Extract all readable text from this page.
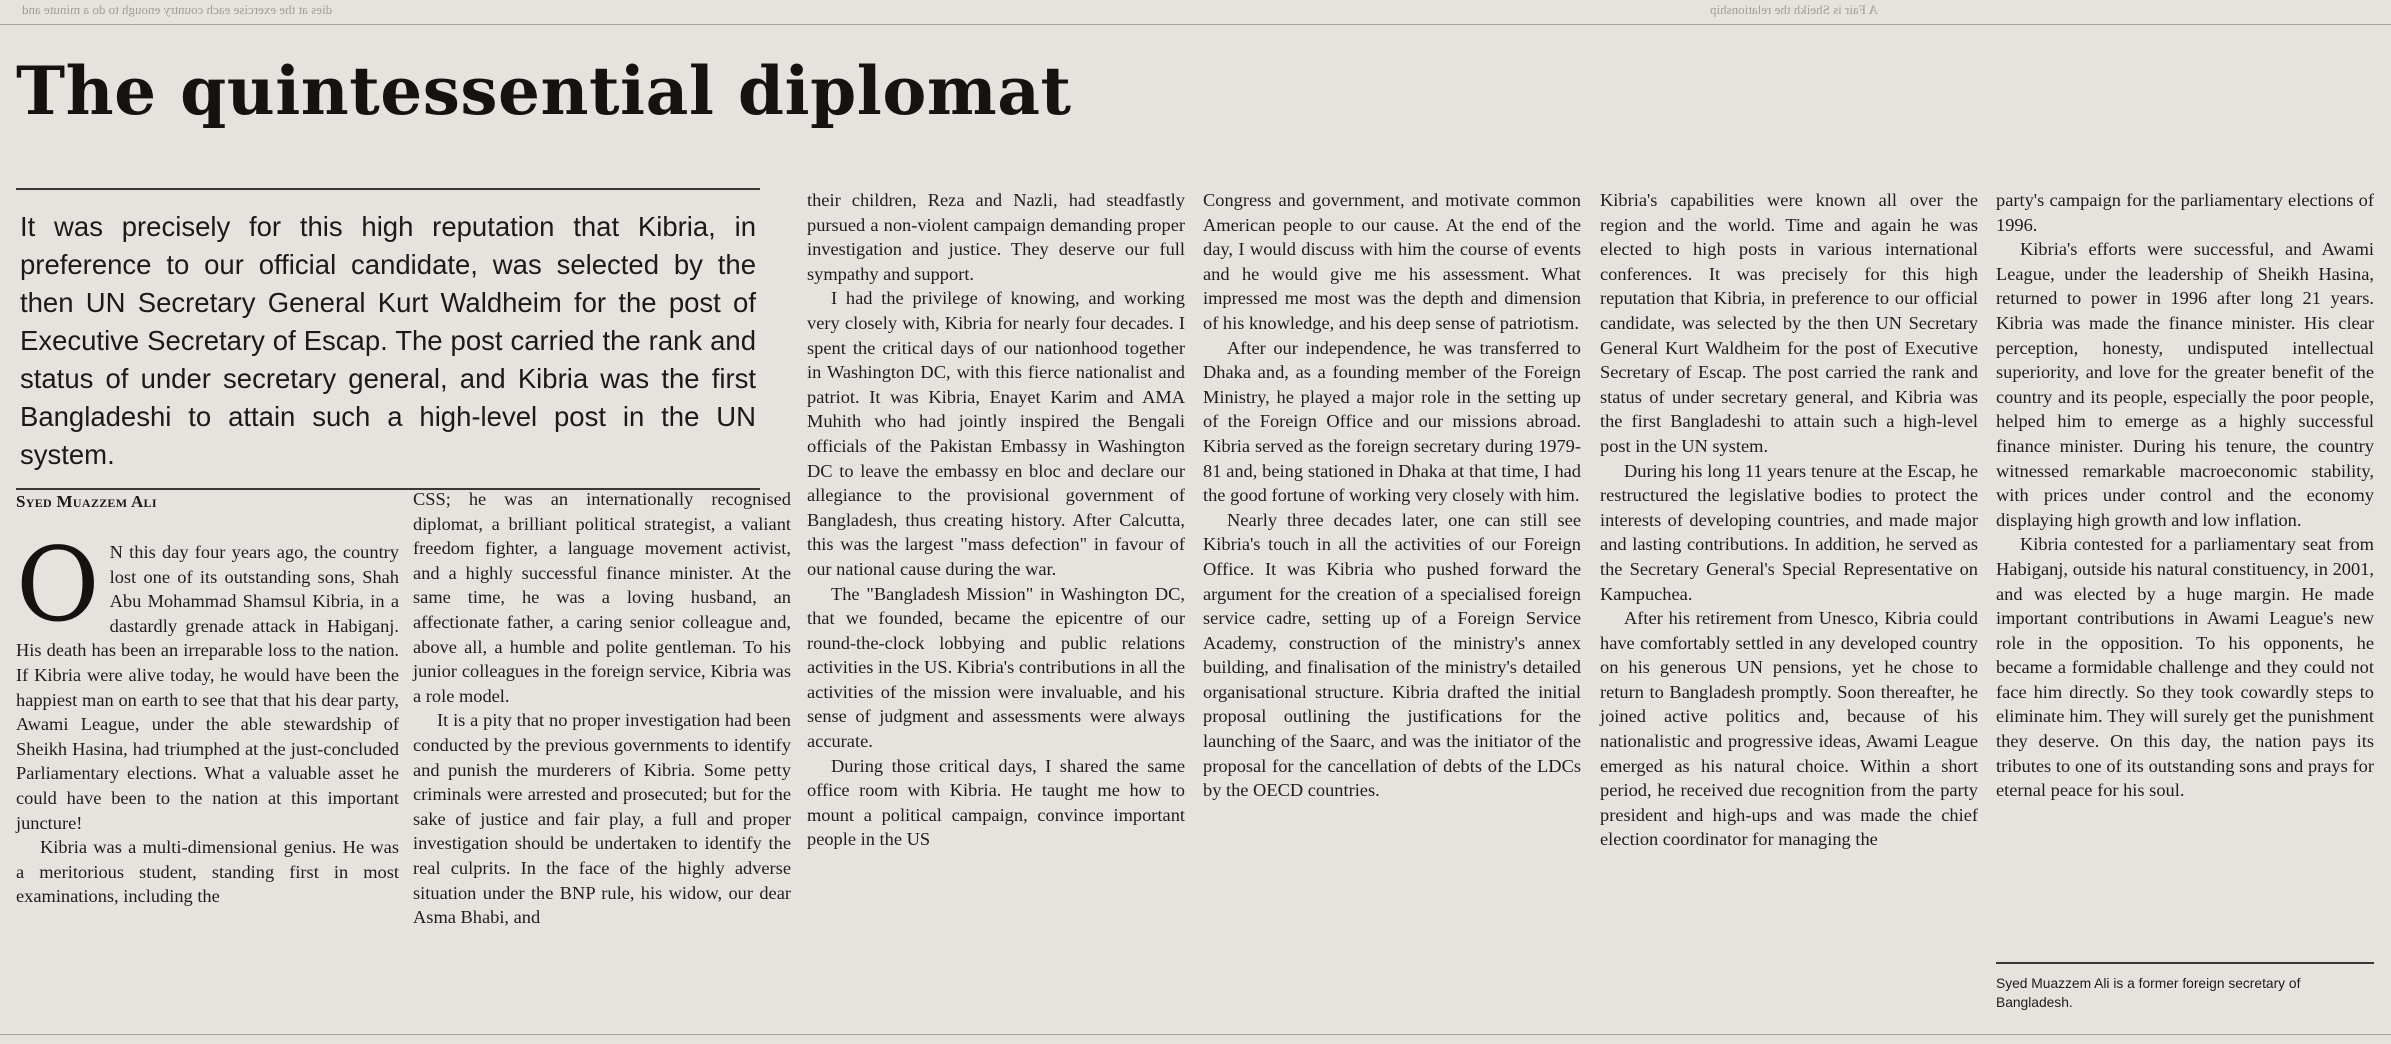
dies at the exercise each country enough to do a minute and	A Fair is Sheikh the relationship
The quintessential diplomat

It was precisely for this high reputation that Kibria, in preference to our official candidate, was selected by the then UN Secretary General Kurt Waldheim for the post of Executive Secretary of Escap. The post carried the rank and status of under secretary general, and Kibria was the first Bangladeshi to attain such a high-level post in the UN system.

Syed Muazzem Ali

O N this day four years ago, the country lost one of its outstanding sons, Shah Abu Mohammad Shamsul Kibria, in a dastardly grenade attack in Habiganj. His death has been an irreparable loss to the nation. If Kibria were alive today, he would have been the happiest man on earth to see that that his dear party, Awami League, under the able stewardship of Sheikh Hasina, had triumphed at the just-concluded Parliamentary elections. What a valuable asset he could have been to the nation at this important juncture!

Kibria was a multi-dimensional genius. He was a meritorious student, standing first in most examinations, including the

CSS; he was an internationally recognised diplomat, a brilliant political strategist, a valiant freedom fighter, a language movement activist, and a highly successful finance minister. At the same time, he was a loving husband, an affectionate father, a caring senior colleague and, above all, a humble and polite gentleman. To his junior colleagues in the foreign service, Kibria was a role model.

It is a pity that no proper investigation had been conducted by the previous governments to identify and punish the murderers of Kibria. Some petty criminals were arrested and prosecuted; but for the sake of justice and fair play, a full and proper investigation should be undertaken to identify the real culprits. In the face of the highly adverse situation under the BNP rule, his widow, our dear Asma Bhabi, and

their children, Reza and Nazli, had steadfastly pursued a non-violent campaign demanding proper investigation and justice. They deserve our full sympathy and support.

I had the privilege of knowing, and working very closely with, Kibria for nearly four decades. I spent the critical days of our nationhood together in Washington DC, with this fierce nationalist and patriot. It was Kibria, Enayet Karim and AMA Muhith who had jointly inspired the Bengali officials of the Pakistan Embassy in Washington DC to leave the embassy en bloc and declare our allegiance to the provisional government of Bangladesh, thus creating history. After Calcutta, this was the largest "mass defection" in favour of our national cause during the war.

The "Bangladesh Mission" in Washington DC, that we founded, became the epicentre of our round-the-clock lobbying and public relations activities in the US. Kibria's contributions in all the activities of the mission were invaluable, and his sense of judgment and assessments were always accurate.

During those critical days, I shared the same office room with Kibria. He taught me how to mount a political campaign, convince important people in the US

Congress and government, and motivate common American people to our cause. At the end of the day, I would discuss with him the course of events and he would give me his assessment. What impressed me most was the depth and dimension of his knowledge, and his deep sense of patriotism.

After our independence, he was transferred to Dhaka and, as a founding member of the Foreign Ministry, he played a major role in the setting up of the Foreign Office and our missions abroad. Kibria served as the foreign secretary during 1979-81 and, being stationed in Dhaka at that time, I had the good fortune of working very closely with him.

Nearly three decades later, one can still see Kibria's touch in all the activities of our Foreign Office. It was Kibria who pushed forward the argument for the creation of a specialised foreign service cadre, setting up of a Foreign Service Academy, construction of the ministry's annex building, and finalisation of the ministry's detailed organisational structure. Kibria drafted the initial proposal outlining the justifications for the launching of the Saarc, and was the initiator of the proposal for the cancellation of debts of the LDCs by the OECD countries.

Kibria's capabilities were known all over the region and the world. Time and again he was elected to high posts in various international conferences. It was precisely for this high reputation that Kibria, in preference to our official candidate, was selected by the then UN Secretary General Kurt Waldheim for the post of Executive Secretary of Escap. The post carried the rank and status of under secretary general, and Kibria was the first Bangladeshi to attain such a high-level post in the UN system.

During his long 11 years tenure at the Escap, he restructured the legislative bodies to protect the interests of developing countries, and made major and lasting contributions. In addition, he served as the Secretary General's Special Representative on Kampuchea.

After his retirement from Unesco, Kibria could have comfortably settled in any developed country on his generous UN pensions, yet he chose to return to Bangladesh promptly. Soon thereafter, he joined active politics and, because of his nationalistic and progressive ideas, Awami League emerged as his natural choice. Within a short period, he received due recognition from the party president and high-ups and was made the chief election coordinator for managing the

party's campaign for the parliamentary elections of 1996.

Kibria's efforts were successful, and Awami League, under the leadership of Sheikh Hasina, returned to power in 1996 after long 21 years. Kibria was made the finance minister. His clear perception, honesty, undisputed intellectual superiority, and love for the greater benefit of the country and its people, especially the poor people, helped him to emerge as a highly successful finance minister. During his tenure, the country witnessed remarkable macroeconomic stability, with prices under control and the economy displaying high growth and low inflation.

Kibria contested for a parliamentary seat from Habiganj, outside his natural constituency, in 2001, and was elected by a huge margin. He made important contributions in Awami League's new role in the opposition. To his opponents, he became a formidable challenge and they could not face him directly. So they took cowardly steps to eliminate him. They will surely get the punishment they deserve. On this day, the nation pays its tributes to one of its outstanding sons and prays for eternal peace for his soul.

Syed Muazzem Ali is a former foreign secretary of Bangladesh.
